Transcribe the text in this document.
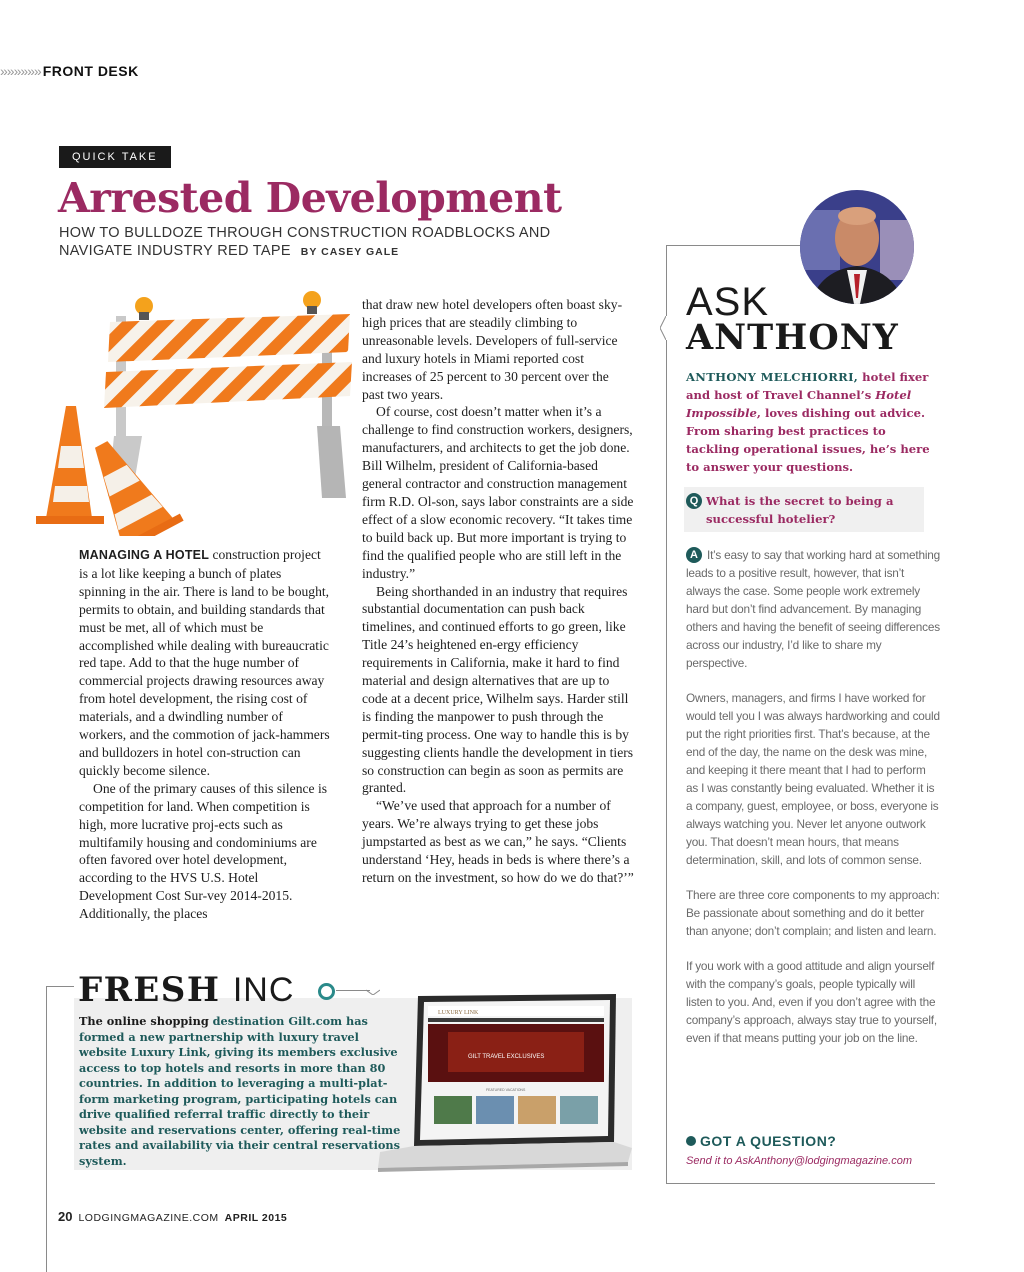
»»»»»» FRONT DESK
QUICK TAKE
Arrested Development
HOW TO BULLDOZE THROUGH CONSTRUCTION ROADBLOCKS AND
NAVIGATE INDUSTRY RED TAPE BY CASEY GALE

MANAGING A HOTEL construction project is a lot like keeping a bunch of plates spinning in the air. There is land to be bought, permits to obtain, and building standards that must be met, all of which must be accomplished while dealing with bureaucratic red tape. Add to that the huge number of commercial projects drawing resources away from hotel development, the rising cost of materials, and a dwindling number of workers, and the commotion of jack-hammers and bulldozers in hotel con-struction can quickly become silence.

One of the primary causes of this silence is competition for land. When competition is high, more lucrative proj-ects such as multifamily housing and condominiums are often favored over hotel development, according to the HVS U.S. Hotel Development Cost Sur-vey 2014-2015. Additionally, the places

that draw new hotel developers often boast sky-high prices that are steadily climbing to unreasonable levels. Developers of full-service and luxury hotels in Miami reported cost increases of 25 percent to 30 percent over the past two years.

Of course, cost doesn’t matter when it’s a challenge to find construction workers, designers, manufacturers, and architects to get the job done. Bill Wilhelm, president of California-based general contractor and construction management firm R.D. Ol-son, says labor constraints are a side effect of a slow economic recovery. “It takes time to build back up. But more important is trying to find the qualified people who are still left in the industry.”

Being shorthanded in an industry that requires substantial documentation can push back timelines, and continued efforts to go green, like Title 24’s heightened en-ergy efficiency requirements in California, make it hard to find material and design alternatives that are up to code at a decent price, Wilhelm says. Harder still is finding the manpower to push through the permit-ting process. One way to handle this is by suggesting clients handle the development in tiers so construction can begin as soon as permits are granted.

“We’ve used that approach for a number of years. We’re always trying to get these jobs jumpstarted as best as we can,” he says. “Clients understand ‘Hey, heads in beds is where there’s a return on the investment, so how do we do that?’”

ASK
ANTHONY
ANTHONY MELCHIORRI, hotel fixer and host of Travel Channel’s Hotel Impossible, loves dishing out advice. From sharing best practices to tackling operational issues, he’s here to answer your questions.
Q What is the secret to being a successful hotelier?
A It’s easy to say that working hard at something leads to a positive result, however, that isn’t always the case. Some people work extremely hard but don’t find advancement. By managing others and having the benefit of seeing differences across our industry, I’d like to share my perspective.

Owners, managers, and firms I have worked for would tell you I was always hardworking and could put the right priorities first. That’s because, at the end of the day, the name on the desk was mine, and keeping it there meant that I had to perform as I was constantly being evaluated. Whether it is a company, guest, employee, or boss, everyone is always watching you. Never let anyone outwork you. That doesn’t mean hours, that means determination, skill, and lots of common sense.

There are three core components to my approach: Be passionate about something and do it better than anyone; don’t complain; and listen and learn.

If you work with a good attitude and align yourself with the company’s goals, people typically will listen to you. And, even if you don’t agree with the company’s approach, always stay true to yourself, even if that means putting your job on the line.

GOT A QUESTION?
Send it to AskAnthony@lodgingmagazine.com
FRESH INC
The online shopping destination Gilt.com has formed a new partnership with luxury travel website Luxury Link, giving its members exclusive access to top hotels and resorts in more than 80 countries. In addition to leveraging a multi-plat-form marketing program, participating hotels can drive qualified referral traffic directly to their website and reservations center, offering real-time rates and availability via their central reservations system.
LUXURY LINK
GILT TRAVEL EXCLUSIVES
FEATURED VACATIONS
20 LODGINGMAGAZINE.COM APRIL 2015
